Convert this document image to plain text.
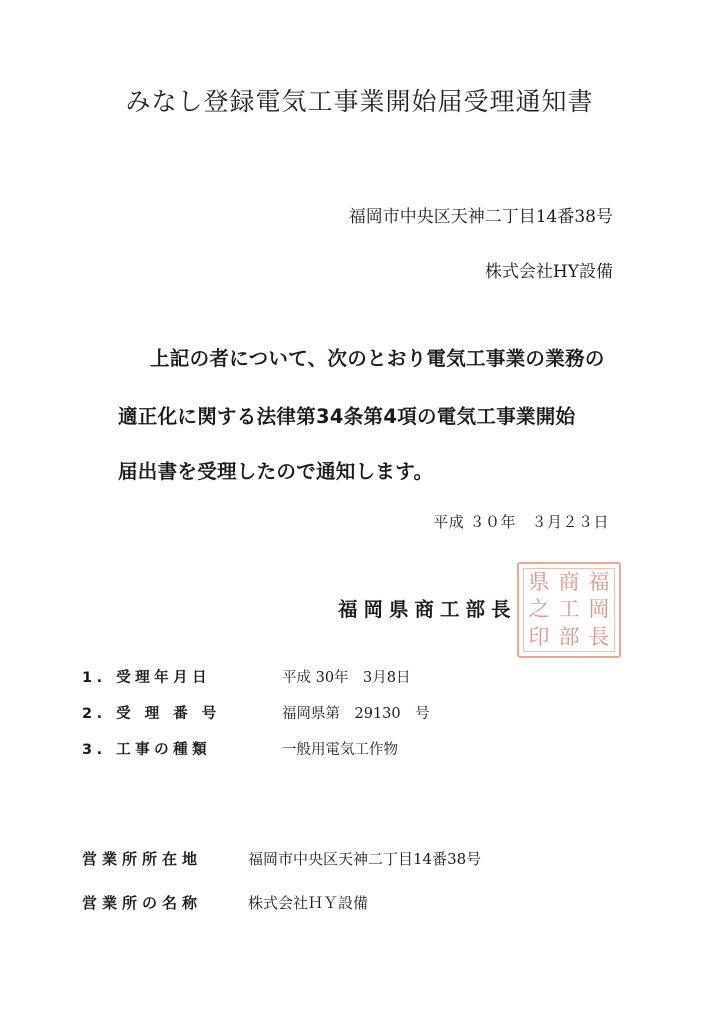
みなし登録電気工事業開始届受理通知書
福岡市中央区天神二丁目14番38号
株式会社HY設備
上記の者について、次のとおり電気工事業の業務の
適正化に関する法律第34条第4項の電気工事業開始
届出書を受理したので通知します。
平成 ３０年　３月２３日
県 商 福
之 工 岡
印 部 長
福岡県商工部長
1. 受理年月日	平成 30年　3月8日
2. 受 理 番 号	福岡県第　29130　号
3. 工事の種類	一般用電気工作物
営業所所在地	福岡市中央区天神二丁目14番38号
営業所の名称	株式会社ＨＹ設備
